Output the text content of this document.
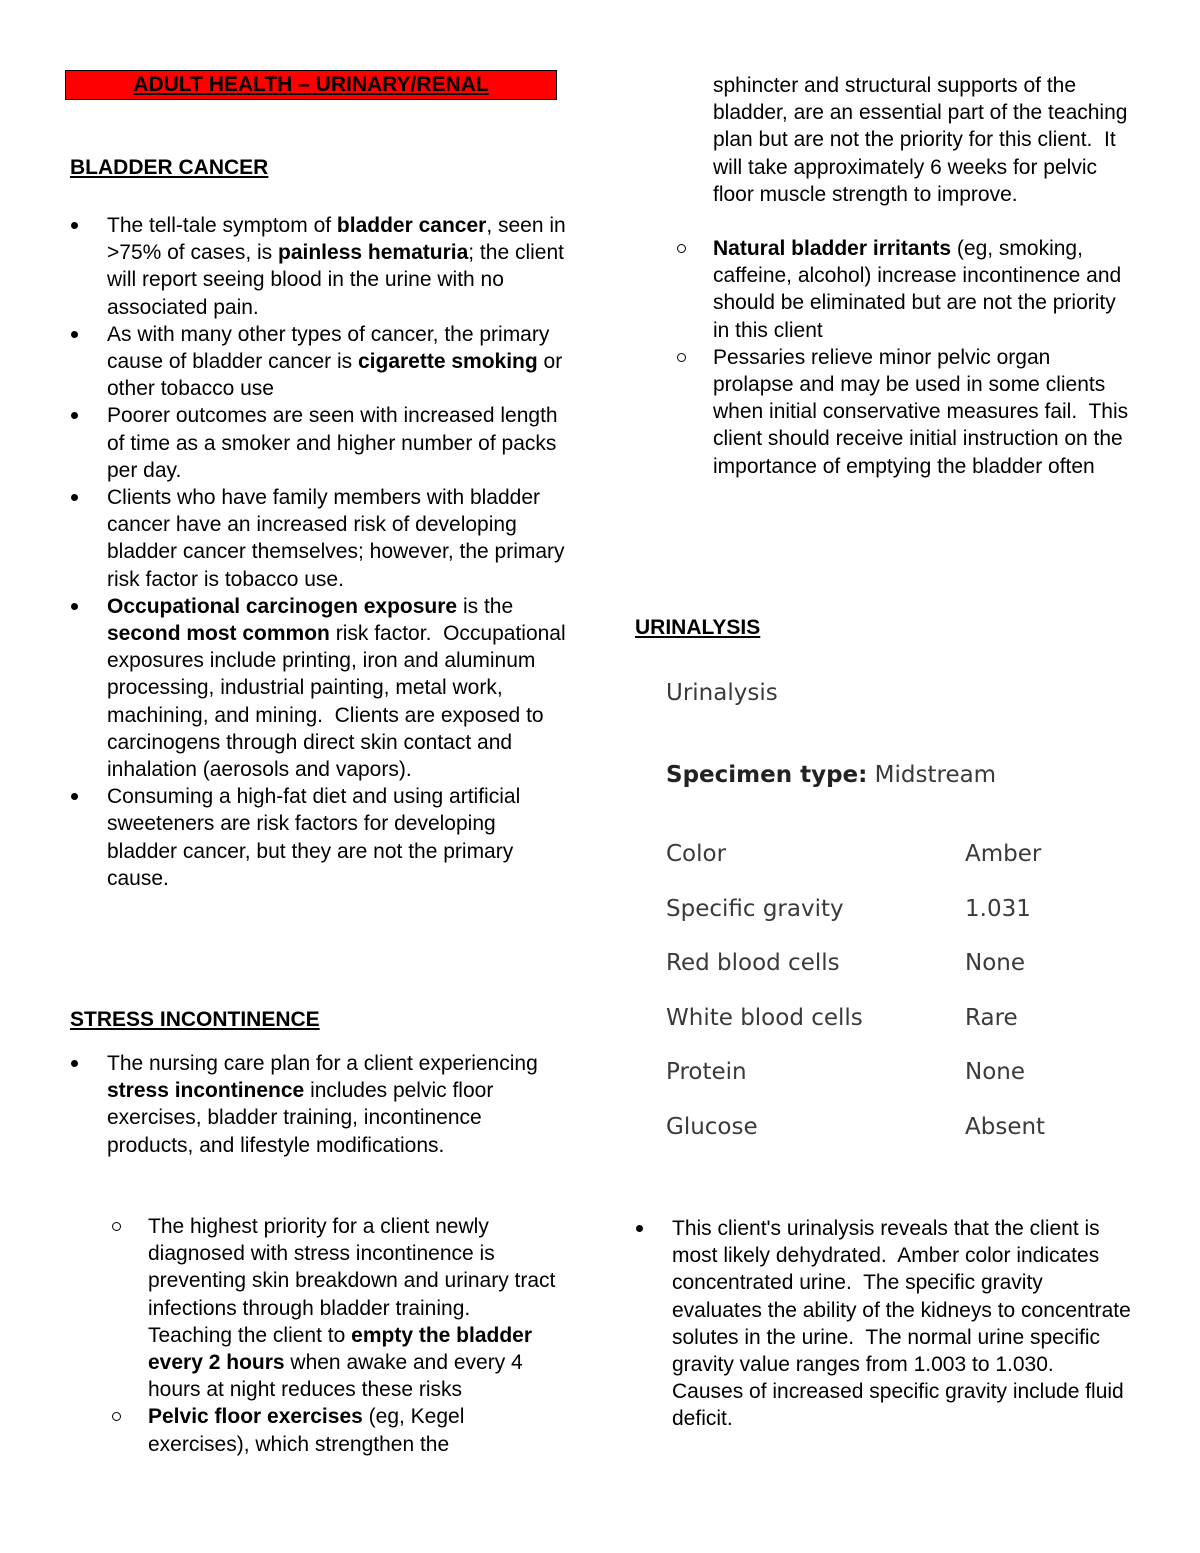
ADULT HEALTH – URINARY/RENAL
BLADDER CANCER
The tell-tale symptom of bladder cancer, seen in >75% of cases, is painless hematuria; the client will report seeing blood in the urine with no associated pain.
As with many other types of cancer, the primary cause of bladder cancer is cigarette smoking or other tobacco use
Poorer outcomes are seen with increased length of time as a smoker and higher number of packs per day.
Clients who have family members with bladder cancer have an increased risk of developing bladder cancer themselves; however, the primary risk factor is tobacco use.
Occupational carcinogen exposure is the second most common risk factor.  Occupational exposures include printing, iron and aluminum processing, industrial painting, metal work, machining, and mining.  Clients are exposed to carcinogens through direct skin contact and inhalation (aerosols and vapors).
Consuming a high-fat diet and using artificial sweeteners are risk factors for developing bladder cancer, but they are not the primary cause.
STRESS INCONTINENCE
The nursing care plan for a client experiencing stress incontinence includes pelvic floor exercises, bladder training, incontinence products, and lifestyle modifications.
The highest priority for a client newly diagnosed with stress incontinence is preventing skin breakdown and urinary tract infections through bladder training.  Teaching the client to empty the bladder every 2 hours when awake and every 4 hours at night reduces these risks
Pelvic floor exercises (eg, Kegel exercises), which strengthen the
sphincter and structural supports of the bladder, are an essential part of the teaching plan but are not the priority for this client.  It will take approximately 6 weeks for pelvic floor muscle strength to improve.
Natural bladder irritants (eg, smoking, caffeine, alcohol) increase incontinence and should be eliminated but are not the priority in this client
Pessaries relieve minor pelvic organ prolapse and may be used in some clients when initial conservative measures fail.  This client should receive initial instruction on the importance of emptying the bladder often
URINALYSIS
Urinalysis
Specimen type: Midstream
Color	Amber
Specific gravity	1.031
Red blood cells	None
White blood cells	Rare
Protein	None
Glucose	Absent
This client's urinalysis reveals that the client is most likely dehydrated.  Amber color indicates concentrated urine.  The specific gravity evaluates the ability of the kidneys to concentrate solutes in the urine.  The normal urine specific gravity value ranges from 1.003 to 1.030.  Causes of increased specific gravity include fluid deficit.
